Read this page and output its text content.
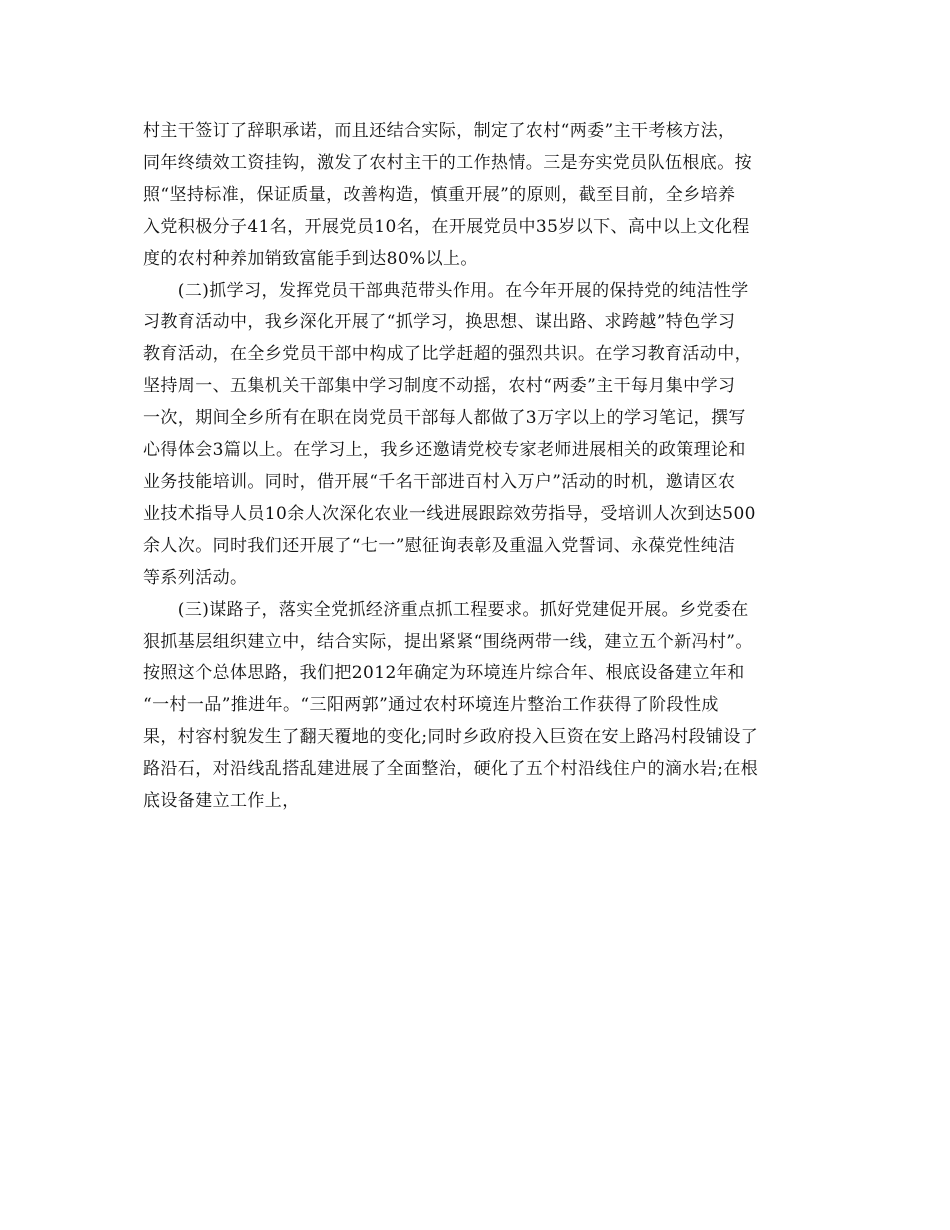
村主干签订了辞职承诺，而且还结合实际，制定了农村“两委”主干考核方法，
同年终绩效工资挂钩，激发了农村主干的工作热情。三是夯实党员队伍根底。按
照“坚持标准，保证质量，改善构造，慎重开展”的原则，截至目前，全乡培养
入党积极分子41名，开展党员10名，在开展党员中35岁以下、高中以上文化程
度的农村种养加销致富能手到达80%以上。

　　(二)抓学习，发挥党员干部典范带头作用。在今年开展的保持党的纯洁性学
习教育活动中，我乡深化开展了“抓学习，换思想、谋出路、求跨越”特色学习
教育活动，在全乡党员干部中构成了比学赶超的强烈共识。在学习教育活动中，
坚持周一、五集机关干部集中学习制度不动摇，农村“两委”主干每月集中学习
一次，期间全乡所有在职在岗党员干部每人都做了3万字以上的学习笔记，撰写
心得体会3篇以上。在学习上，我乡还邀请党校专家老师进展相关的政策理论和
业务技能培训。同时，借开展“千名干部进百村入万户”活动的时机，邀请区农
业技术指导人员10余人次深化农业一线进展跟踪效劳指导，受培训人次到达500
余人次。同时我们还开展了“七一”慰征询表彰及重温入党誓词、永葆党性纯洁
等系列活动。

　　(三)谋路子，落实全党抓经济重点抓工程要求。抓好党建促开展。乡党委在
狠抓基层组织建立中，结合实际，提出紧紧“围绕两带一线，建立五个新冯村”。
按照这个总体思路，我们把2012年确定为环境连片综合年、根底设备建立年和
“一村一品”推进年。“三阳两郭”通过农村环境连片整治工作获得了阶段性成
果，村容村貌发生了翻天覆地的变化;同时乡政府投入巨资在安上路冯村段铺设了
路沿石，对沿线乱搭乱建进展了全面整治，硬化了五个村沿线住户的滴水岩;在根
底设备建立工作上，
